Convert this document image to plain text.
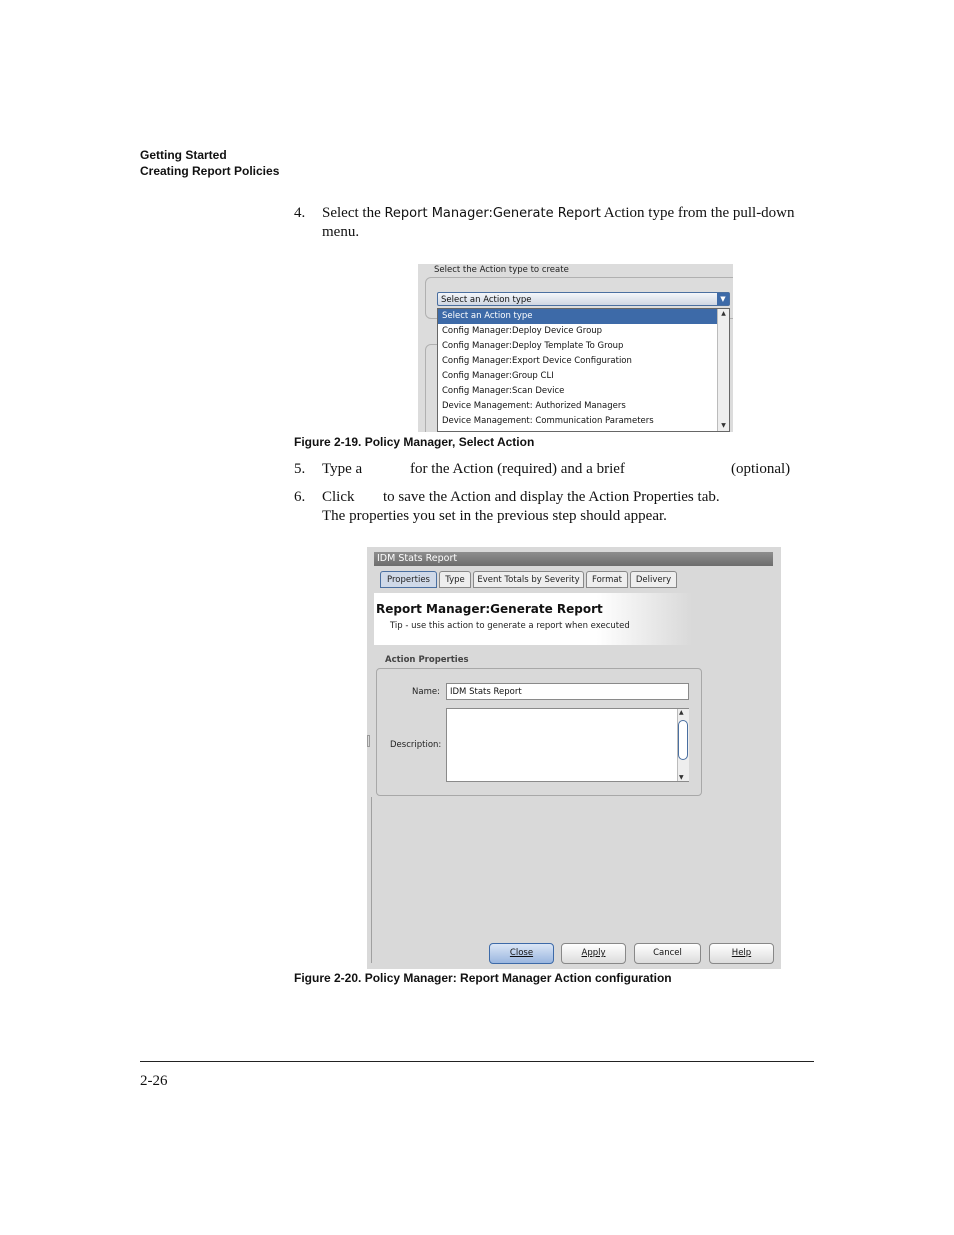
Getting Started
Creating Report Policies
4. Select the Report Manager:Generate Report Action type from the pull-down
menu.
Select the Action type to create
Select an Action type	▼
Select an Action type
Config Manager:Deploy Device Group
Config Manager:Deploy Template To Group
Config Manager:Export Device Configuration
Config Manager:Group CLI
Config Manager:Scan Device
Device Management: Authorized Managers
Device Management: Communication Parameters
▲
▼
Figure 2-19. Policy Manager, Select Action
5. Type a	for the Action (required) and a brief	(optional)
6. Click to save the Action and display the Action Properties tab.
The properties you set in the previous step should appear.
IDM Stats Report
Properties	Type	Event Totals by Severity	Format	Delivery
Report Manager:Generate Report
Tip - use this action to generate a report when executed
Action Properties
Name:	IDM Stats Report
Description:
▲
▼
Close	Apply	Cancel	Help
Figure 2-20. Policy Manager: Report Manager Action configuration
2-26
